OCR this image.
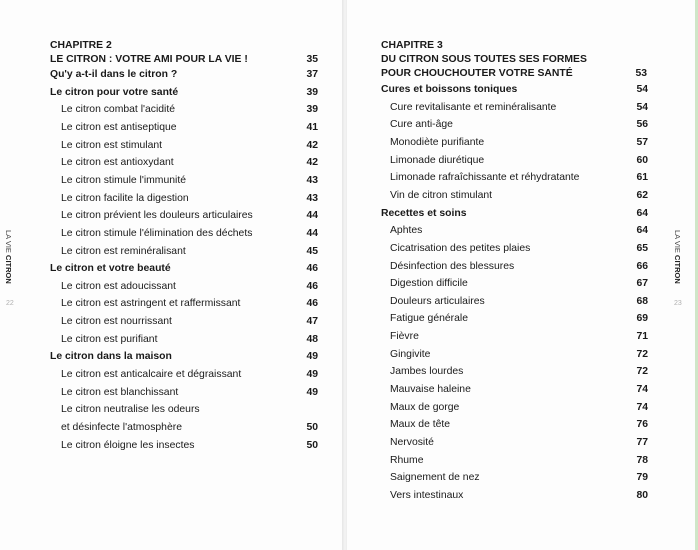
CHAPITRE 2
LE CITRON : VOTRE AMI POUR LA VIE !	35
Qu'y a-t-il dans le citron ?	37
Le citron pour votre santé	39
Le citron combat l'acidité	39
Le citron est antiseptique	41
Le citron est stimulant	42
Le citron est antioxydant	42
Le citron stimule l'immunité	43
Le citron facilite la digestion	43
Le citron prévient les douleurs articulaires	44
Le citron stimule l'élimination des déchets	44
Le citron est reminéralisant	45
Le citron et votre beauté	46
Le citron est adoucissant	46
Le citron est astringent et raffermissant	46
Le citron est nourrissant	47
Le citron est purifiant	48
Le citron dans la maison	49
Le citron est anticalcaire et dégraissant	49
Le citron est blanchissant	49
Le citron neutralise les odeurs
et désinfecte l'atmosphère	50
Le citron éloigne les insectes	50
LA VIE CITRON
22
CHAPITRE 3
DU CITRON SOUS TOUTES SES FORMES
POUR CHOUCHOUTER VOTRE SANTÉ	53
Cures et boissons toniques	54
Cure revitalisante et reminéralisante	54
Cure anti-âge	56
Monodiète purifiante	57
Limonade diurétique	60
Limonade rafraîchissante et réhydratante	61
Vin de citron stimulant	62
Recettes et soins	64
Aphtes	64
Cicatrisation des petites plaies	65
Désinfection des blessures	66
Digestion difficile	67
Douleurs articulaires	68
Fatigue générale	69
Fièvre	71
Gingivite	72
Jambes lourdes	72
Mauvaise haleine	74
Maux de gorge	74
Maux de tête	76
Nervosité	77
Rhume	78
Saignement de nez	79
Vers intestinaux	80
LA VIE CITRON
23
